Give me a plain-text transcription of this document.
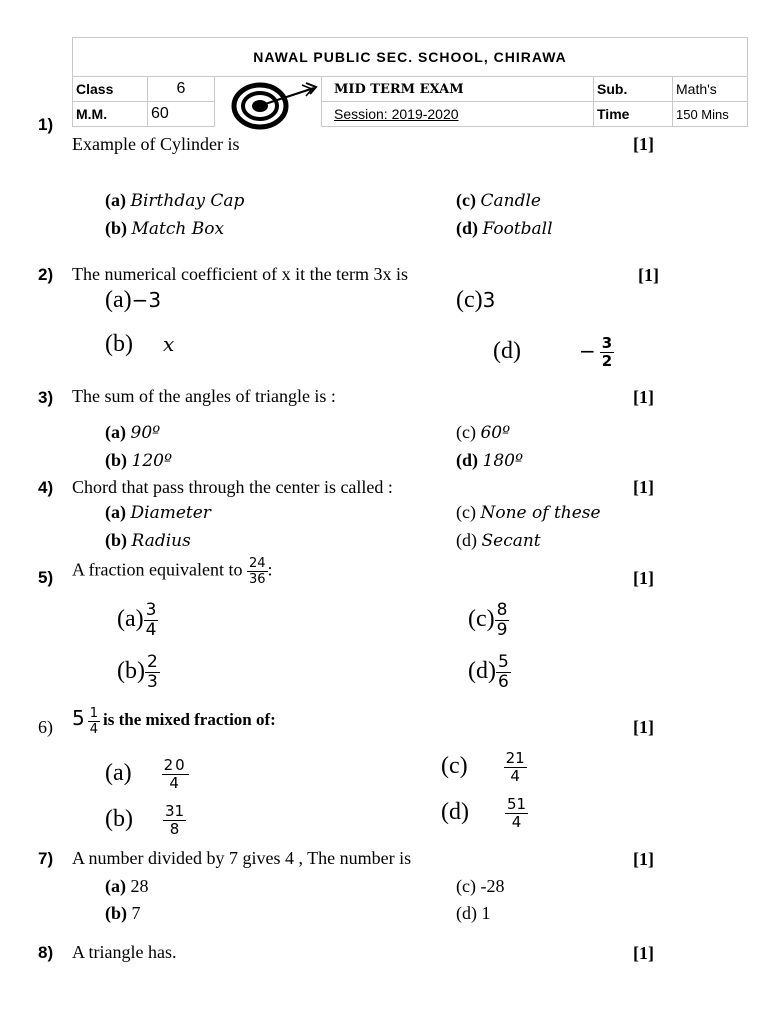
NAWAL PUBLIC SEC. SCHOOL, CHIRAWA					
Class	6		MID TERM EXAM	Sub.	Math's
M.M.	60		Session: 2019-2020	Time	150 Mins
1)
Example of Cylinder is	[1]
(a) Birthday Cap
(b) Match Box
(c) Candle
(d) Football
2) The numerical coefficient of x it the term 3x is	[1]
(a)−3	(c)3
(b) x	(d)	− $\frac{3}{2}$
3) The sum of the angles of triangle is :	[1]
(a) 90º
(b) 120º
(c) 60º
(d) 180º
4) Chord that pass through the center is called :	[1]
(a) Diameter
(b) Radius
(c) None of these
(d) Secant
5) A fraction equivalent to $\frac{24}{36}$ :	[1]
$(a) \frac{3}{4}$
$(b) \frac{2}{3}$
$(c) \frac{8}{9}$
$(d) \frac{5}{6}$
6) $5 \frac{1}{4}$ is the mixed fraction of:	[1]
$(a) \frac{20}{4}$
$(b) \frac{31}{8}$
$(c) \frac{21}{4}$
$(d) \frac{51}{4}$
7) A number divided by 7 gives 4 , The number is	[1]
(a) 28
(b) 7
(c) -28
(d) 1
8) A triangle has.	[1]
